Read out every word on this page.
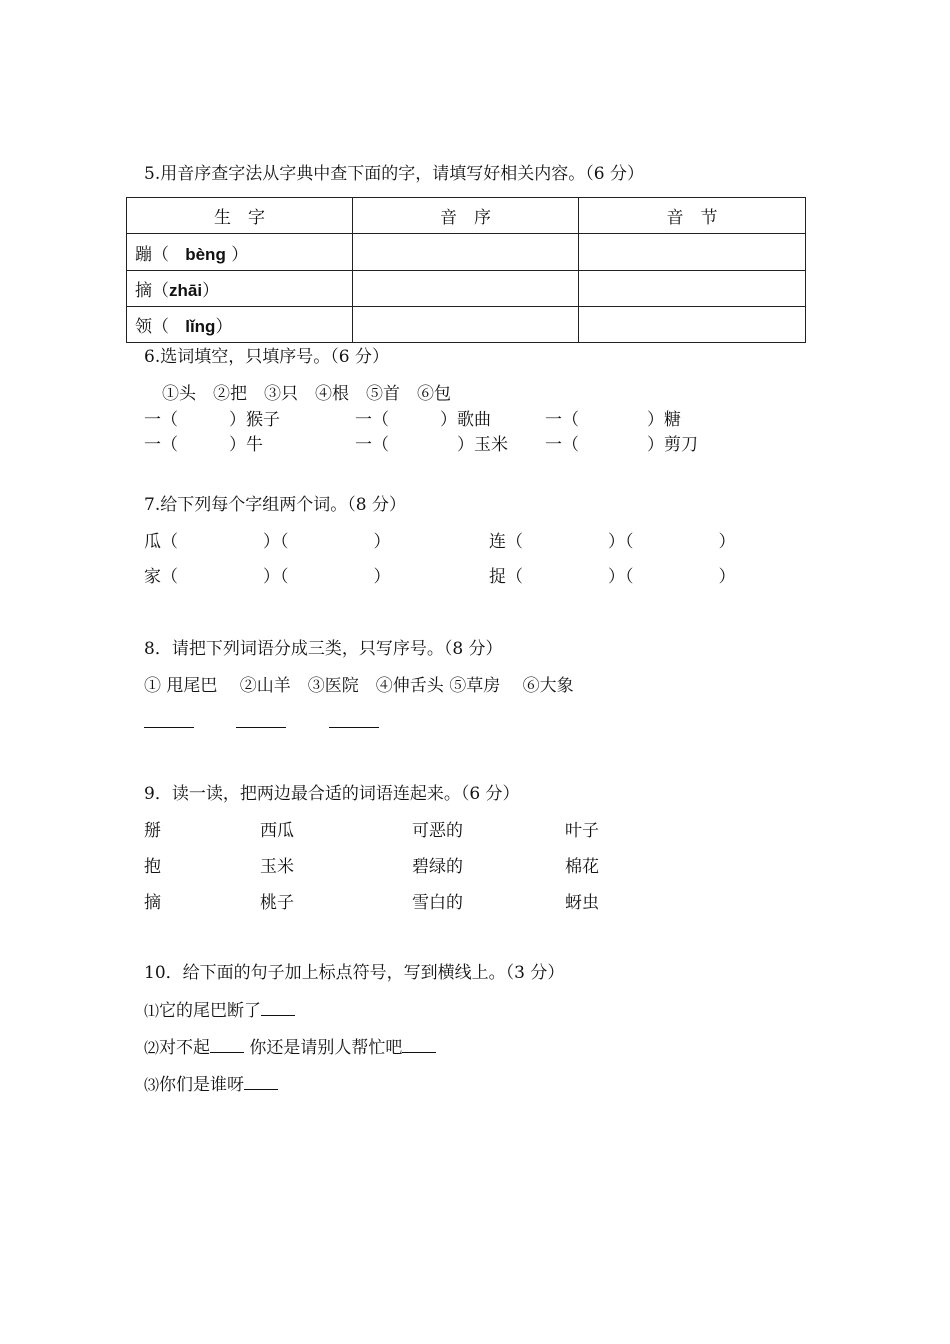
5.用音序查字法从字典中查下面的字，请填写好相关内容。（6 分）
生　字	音　序	音　节
蹦（ bèng ）		
摘（zhāi）		
领（ lǐng）		
6.选词填空，只填序号。（6 分）
①头　②把　③只　④根　⑤首　⑥包
一（　　　）猴子	一（　　　）歌曲	一（　　　　）糖
一（　　　）牛	一（　　　　）玉米 一（　　　　）剪刀
7.给下列每个字组两个词。（8 分）
瓜（　　　　　）（　　　　　）	连（　　　　　）（　　　　　）
家（　　　　　）（　　　　　）	捉（　　　　　）（　　　　　）
8．请把下列词语分成三类，只写序号。（8 分）
① 甩尾巴　 ②山羊　③医院　④伸舌头 ⑤草房　 ⑥大象
9．读一读，把两边最合适的词语连起来。（6 分）
掰	西瓜	可恶的	叶子
抱	玉米	碧绿的	棉花
摘	桃子	雪白的	蚜虫
10．给下面的句子加上标点符号，写到横线上。（3 分）
⑴它的尾巴断了
⑵对不起 你还是请别人帮忙吧
⑶你们是谁呀
